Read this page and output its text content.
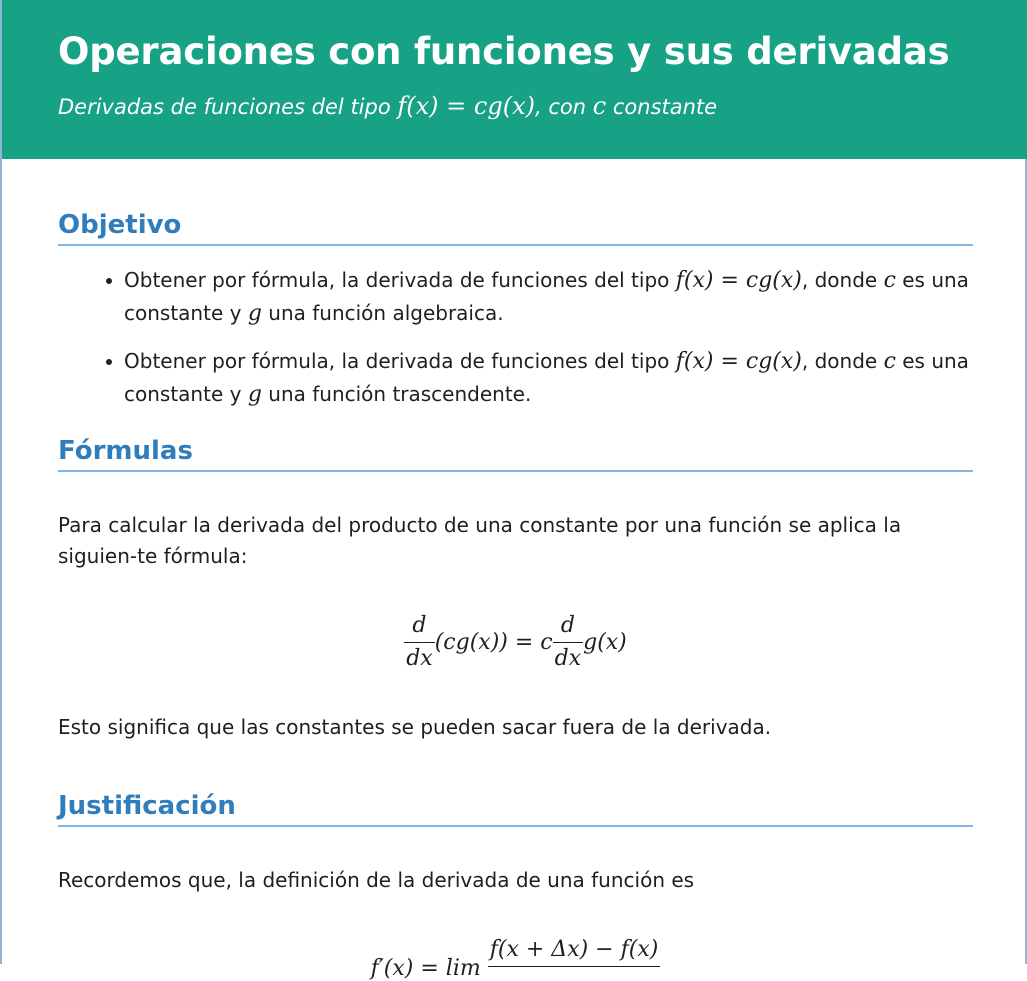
Operaciones con funciones y sus derivadas

Derivadas de funciones del tipo f(x) = cg(x), con c constante

Objetivo
Obtener por fórmula, la derivada de funciones del tipo f(x) = cg(x), donde c es una constante y g una función algebraica.
Obtener por fórmula, la derivada de funciones del tipo f(x) = cg(x), donde c es una constante y g una función trascendente.
Fórmulas

Para calcular la derivada del producto de una constante por una función se aplica la siguien-te fórmula:

$\frac{d}{dx} (cg(x)) = c \frac{d}{dx} g(x)$

Esto significa que las constantes se pueden sacar fuera de la derivada.

Justificación

Recordemos que, la definición de la derivada de una función es

f′(x) = lim
f(x + Δx) − f(x)
